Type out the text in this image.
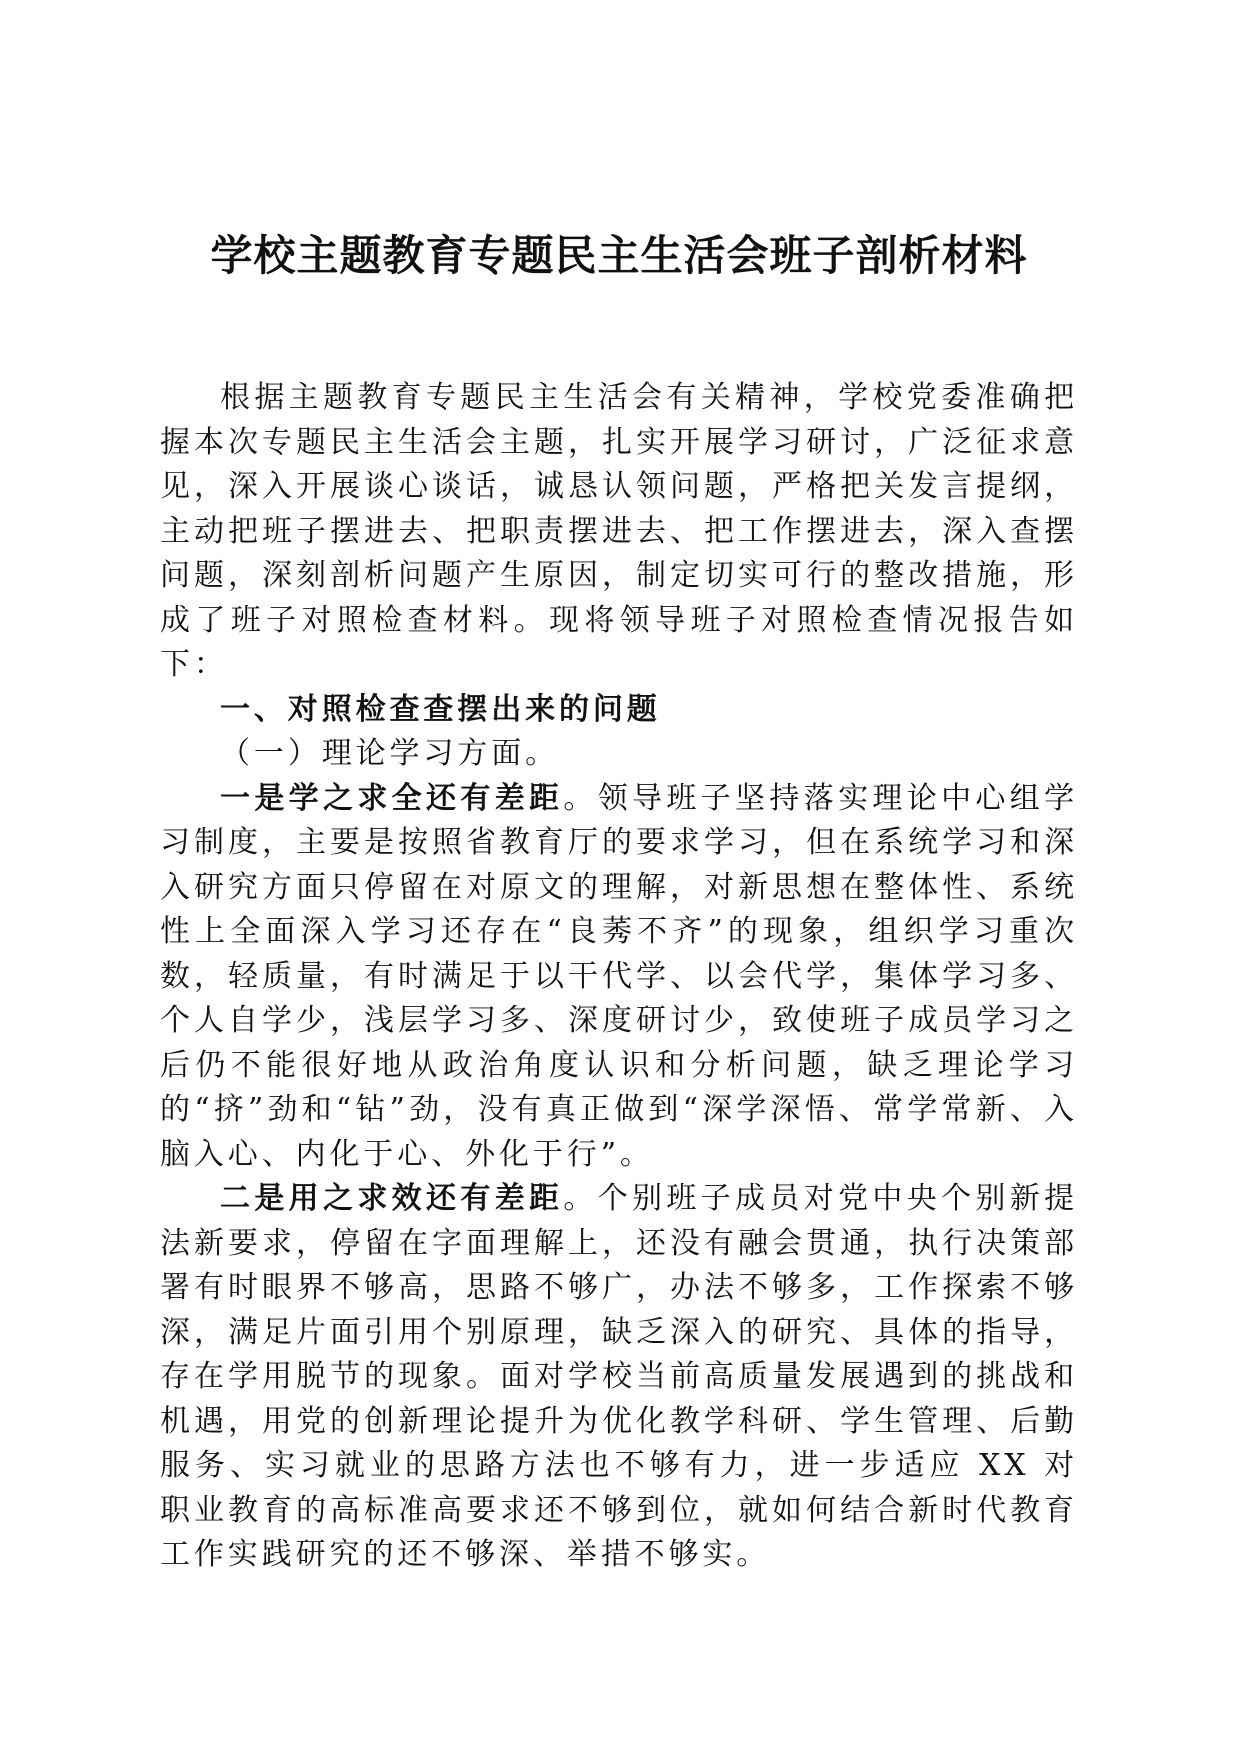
学校主题教育专题民主生活会班子剖析材料

根据主题教育专题民主生活会有关精神，学校党委准确把握本次专题民主生活会主题，扎实开展学习研讨，广泛征求意见，深入开展谈心谈话，诚恳认领问题，严格把关发言提纲，主动把班子摆进去、把职责摆进去、把工作摆进去，深入查摆问题，深刻剖析问题产生原因，制定切实可行的整改措施，形成了班子对照检查材料。现将领导班子对照检查情况报告如下：

一、对照检查查摆出来的问题

（一）理论学习方面。

一是学之求全还有差距。领导班子坚持落实理论中心组学习制度，主要是按照省教育厅的要求学习，但在系统学习和深入研究方面只停留在对原文的理解，对新思想在整体性、系统性上全面深入学习还存在“良莠不齐”的现象，组织学习重次数，轻质量，有时满足于以干代学、以会代学，集体学习多、个人自学少，浅层学习多、深度研讨少，致使班子成员学习之后仍不能很好地从政治角度认识和分析问题，缺乏理论学习的“挤”劲和“钻”劲，没有真正做到“深学深悟、常学常新、入脑入心、内化于心、外化于行”。

二是用之求效还有差距。个别班子成员对党中央个别新提法新要求，停留在字面理解上，还没有融会贯通，执行决策部署有时眼界不够高，思路不够广，办法不够多，工作探索不够深，满足片面引用个别原理，缺乏深入的研究、具体的指导，存在学用脱节的现象。面对学校当前高质量发展遇到的挑战和机遇，用党的创新理论提升为优化教学科研、学生管理、后勤服务、实习就业的思路方法也不够有力，进一步适应 XX 对职业教育的高标准高要求还不够到位，就如何结合新时代教育工作实践研究的还不够深、举措不够实。
